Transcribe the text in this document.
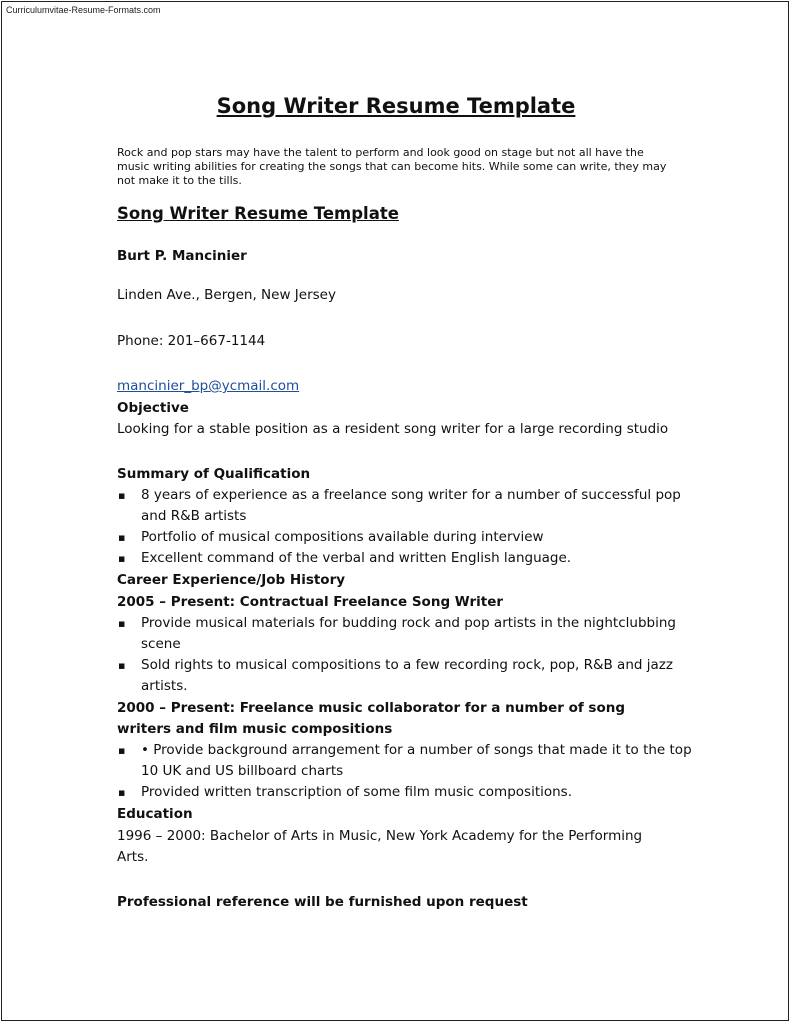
Curriculumvitae-Resume-Formats.com
Song Writer Resume Template

Rock and pop stars may have the talent to perform and look good on stage but not all have the music writing abilities for creating the songs that can become hits. While some can write, they may not make it to the tills.

Song Writer Resume Template

Burt P. Mancinier

Linden Ave., Bergen, New Jersey

Phone: 201–667-1144

mancinier_bp@ycmail.com

Objective

Looking for a stable position as a resident song writer for a large recording studio

Summary of Qualification

▪ 8 years of experience as a freelance song writer for a number of successful pop and R&B artists
▪ Portfolio of musical compositions available during interview
▪ Excellent command of the verbal and written English language.

Career Experience/Job History

2005 – Present: Contractual Freelance Song Writer

▪ Provide musical materials for budding rock and pop artists in the nightclubbing scene
▪ Sold rights to musical compositions to a few recording rock, pop, R&B and jazz artists.

2000 – Present: Freelance music collaborator for a number of song writers and film music compositions

▪ • Provide background arrangement for a number of songs that made it to the top 10 UK and US billboard charts
▪ Provided written transcription of some film music compositions.

Education

1996 – 2000: Bachelor of Arts in Music, New York Academy for the Performing Arts.

Professional reference will be furnished upon request
